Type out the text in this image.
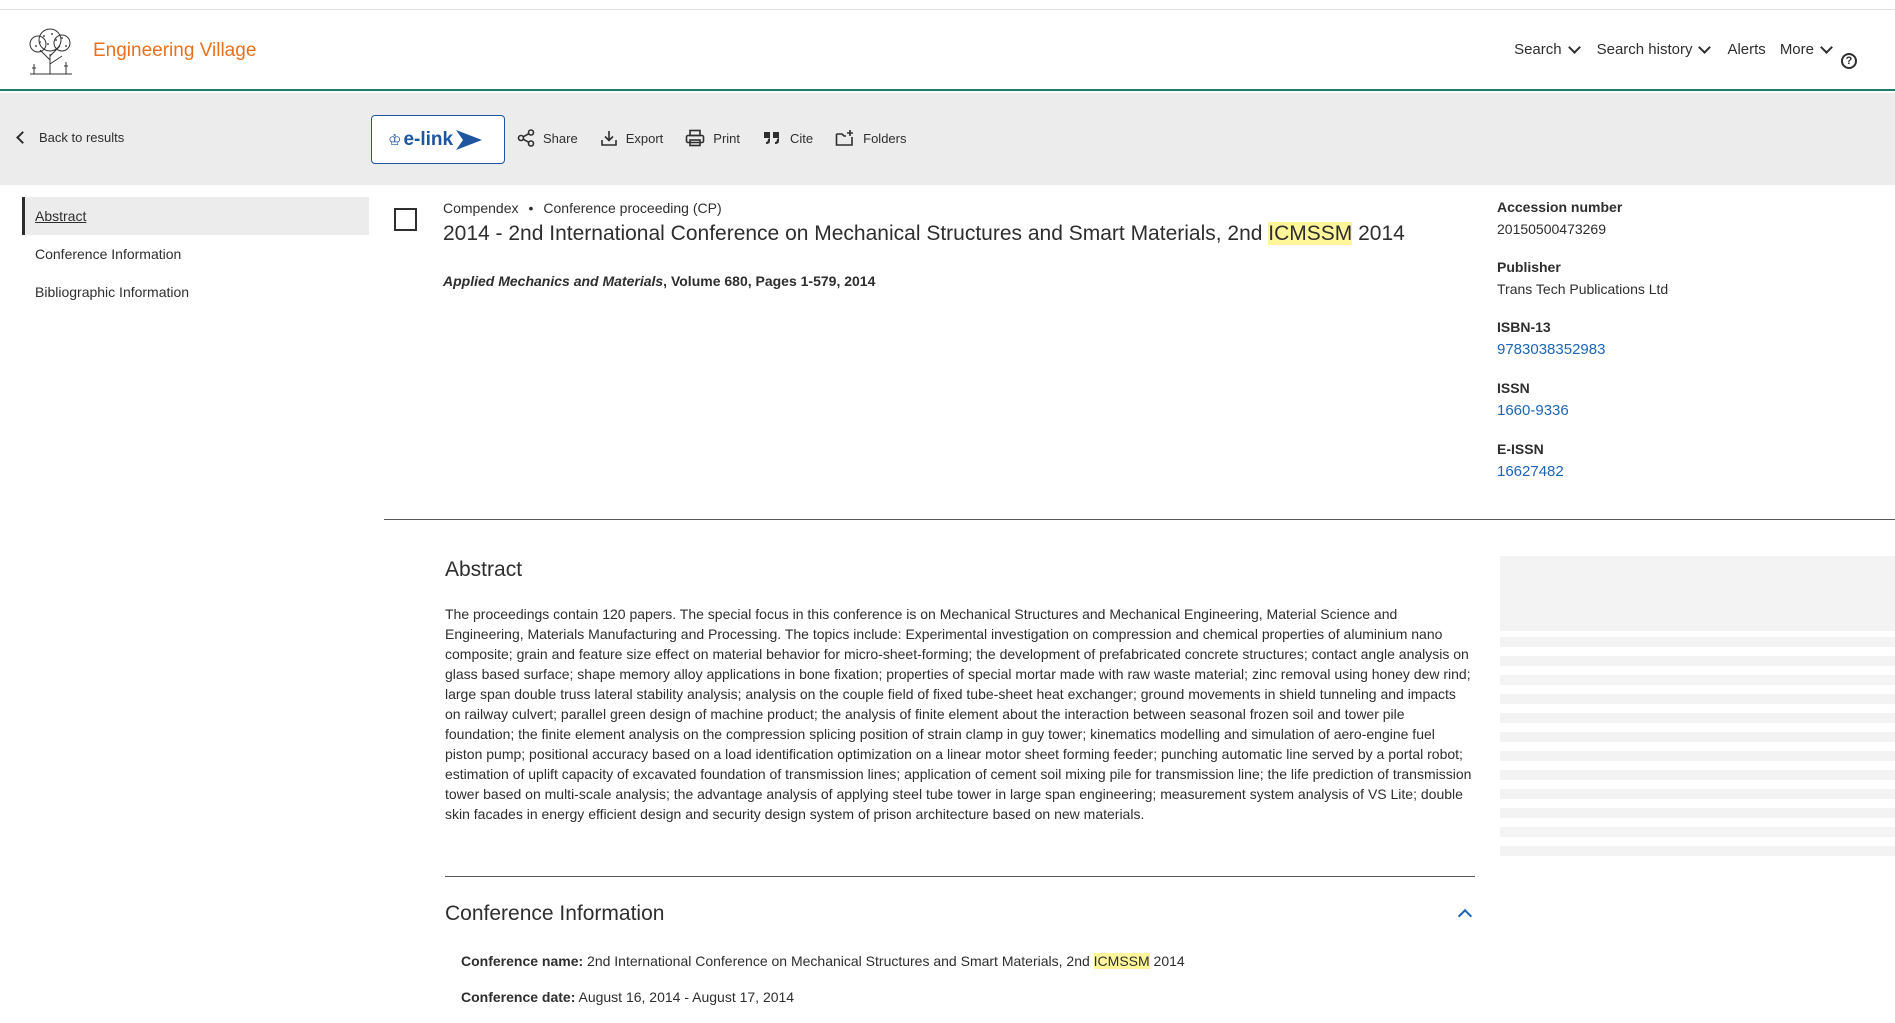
Engineering Village	Search Search history Alerts More
?
Back to results	♔ e-link	Share	Export	Print	Cite	Folders
Abstract
Conference Information
Bibliographic Information
Compendex • Conference proceeding (CP)
2014 - 2nd International Conference on Mechanical Structures and Smart Materials, 2nd ICMSSM 2014
Applied Mechanics and Materials, Volume 680, Pages 1-579, 2014
Accession number
20150500473269
Publisher
Trans Tech Publications Ltd
ISBN-13
9783038352983
ISSN
1660-9336
E-ISSN
16627482
Abstract
The proceedings contain 120 papers. The special focus in this conference is on Mechanical Structures and Mechanical Engineering, Material Science and Engineering, Materials Manufacturing and Processing. The topics include: Experimental investigation on compression and chemical properties of aluminium nano composite; grain and feature size effect on material behavior for micro-sheet-forming; the development of prefabricated concrete structures; contact angle analysis on glass based surface; shape memory alloy applications in bone fixation; properties of special mortar made with raw waste material; zinc removal using honey dew rind; large span double truss lateral stability analysis; analysis on the couple field of fixed tube-sheet heat exchanger; ground movements in shield tunneling and impacts on railway culvert; parallel green design of machine product; the analysis of finite element about the interaction between seasonal frozen soil and tower pile foundation; the finite element analysis on the compression splicing position of strain clamp in guy tower; kinematics modelling and simulation of aero-engine fuel piston pump; positional accuracy based on a load identification optimization on a linear motor sheet forming feeder; punching automatic line served by a portal robot; estimation of uplift capacity of excavated foundation of transmission lines; application of cement soil mixing pile for transmission line; the life prediction of transmission tower based on multi-scale analysis; the advantage analysis of applying steel tube tower in large span engineering; measurement system analysis of VS Lite; double skin facades in energy efficient design and security design system of prison architecture based on new materials.
Conference Information
Conference name: 2nd International Conference on Mechanical Structures and Smart Materials, 2nd ICMSSM 2014
Conference date: August 16, 2014 - August 17, 2014
